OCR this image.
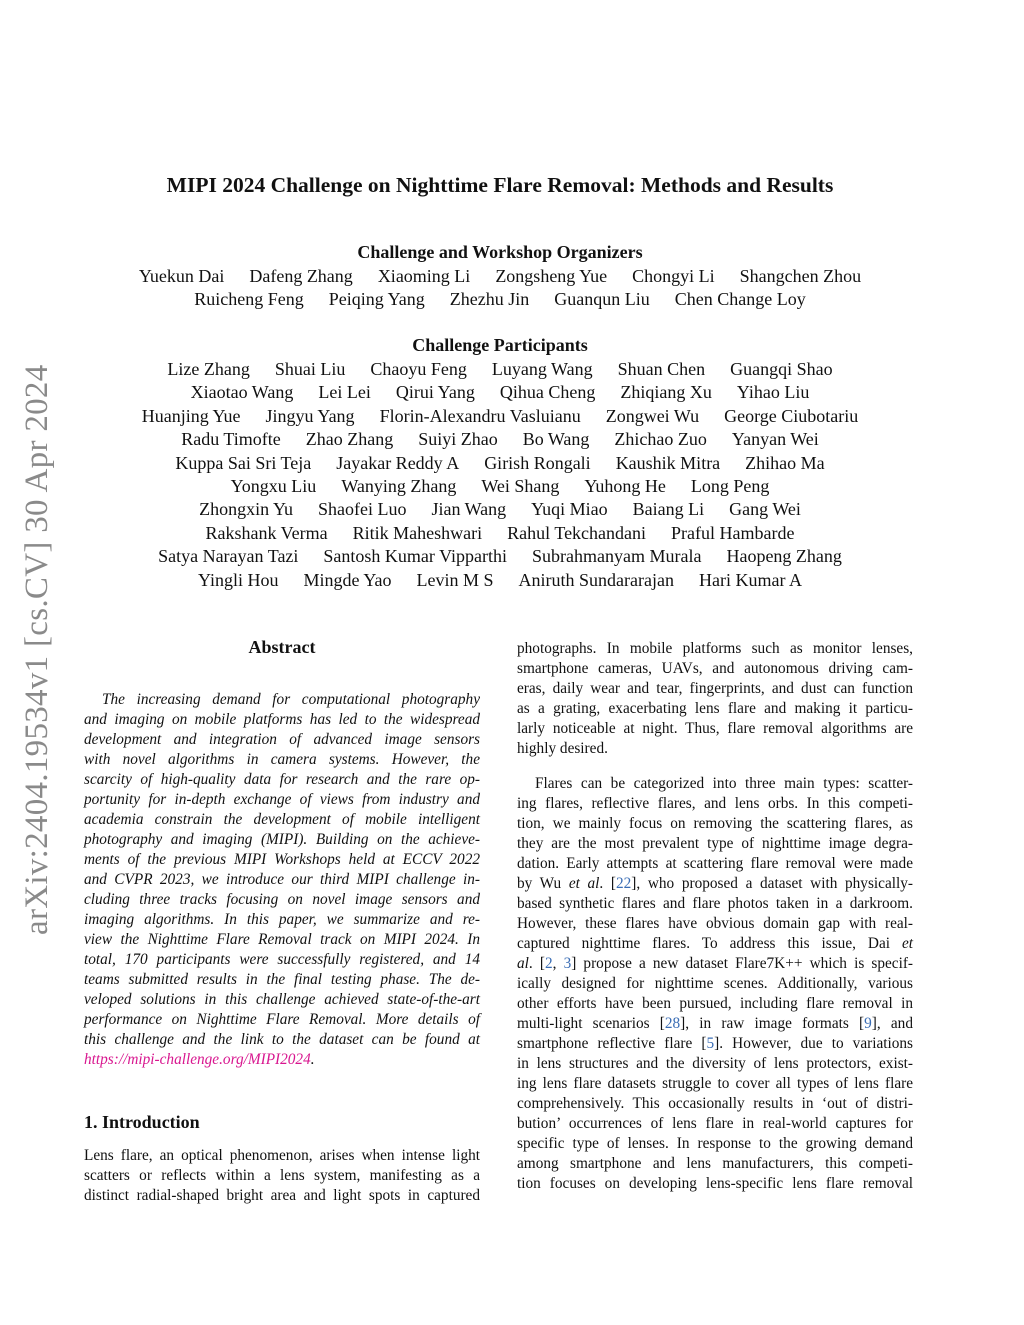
arXiv:2404.19534v1 [cs.CV] 30 Apr 2024
MIPI 2024 Challenge on Nighttime Flare Removal: Methods and Results
Challenge and Workshop Organizers
Yuekun Dai Dafeng Zhang Xiaoming Li Zongsheng Yue Chongyi Li Shangchen Zhou
Ruicheng Feng Peiqing Yang Zhezhu Jin Guanqun Liu Chen Change Loy
Challenge Participants
Lize Zhang Shuai Liu Chaoyu Feng Luyang Wang Shuan Chen Guangqi Shao
Xiaotao Wang Lei Lei Qirui Yang Qihua Cheng Zhiqiang Xu Yihao Liu
Huanjing Yue Jingyu Yang Florin-Alexandru Vasluianu Zongwei Wu George Ciubotariu
Radu Timofte Zhao Zhang Suiyi Zhao Bo Wang Zhichao Zuo Yanyan Wei
Kuppa Sai Sri Teja Jayakar Reddy A Girish Rongali Kaushik Mitra Zhihao Ma
Yongxu Liu Wanying Zhang Wei Shang Yuhong He Long Peng
Zhongxin Yu Shaofei Luo Jian Wang Yuqi Miao Baiang Li Gang Wei
Rakshank Verma Ritik Maheshwari Rahul Tekchandani Praful Hambarde
Satya Narayan Tazi Santosh Kumar Vipparthi Subrahmanyam Murala Haopeng Zhang
Yingli Hou Mingde Yao Levin M S Aniruth Sundararajan Hari Kumar A
Abstract
The increasing demand for computational photography
and imaging on mobile platforms has led to the widespread
development and integration of advanced image sensors
with novel algorithms in camera systems. However, the
scarcity of high-quality data for research and the rare op-
portunity for in-depth exchange of views from industry and
academia constrain the development of mobile intelligent
photography and imaging (MIPI). Building on the achieve-
ments of the previous MIPI Workshops held at ECCV 2022
and CVPR 2023, we introduce our third MIPI challenge in-
cluding three tracks focusing on novel image sensors and
imaging algorithms. In this paper, we summarize and re-
view the Nighttime Flare Removal track on MIPI 2024. In
total, 170 participants were successfully registered, and 14
teams submitted results in the final testing phase. The de-
veloped solutions in this challenge achieved state-of-the-art
performance on Nighttime Flare Removal. More details of
this challenge and the link to the dataset can be found at
https://mipi-challenge.org/MIPI2024.
1. Introduction
Lens flare, an optical phenomenon, arises when intense light
scatters or reflects within a lens system, manifesting as a
distinct radial-shaped bright area and light spots in captured
photographs. In mobile platforms such as monitor lenses,
smartphone cameras, UAVs, and autonomous driving cam-
eras, daily wear and tear, fingerprints, and dust can function
as a grating, exacerbating lens flare and making it particu-
larly noticeable at night. Thus, flare removal algorithms are
highly desired.
Flares can be categorized into three main types: scatter-
ing flares, reflective flares, and lens orbs. In this competi-
tion, we mainly focus on removing the scattering flares, as
they are the most prevalent type of nighttime image degra-
dation. Early attempts at scattering flare removal were made
by Wu et al. [22], who proposed a dataset with physically-
based synthetic flares and flare photos taken in a darkroom.
However, these flares have obvious domain gap with real-
captured nighttime flares. To address this issue, Dai et
al. [2, 3] propose a new dataset Flare7K++ which is specif-
ically designed for nighttime scenes. Additionally, various
other efforts have been pursued, including flare removal in
multi-light scenarios [28], in raw image formats [9], and
smartphone reflective flare [5]. However, due to variations
in lens structures and the diversity of lens protectors, exist-
ing lens flare datasets struggle to cover all types of lens flare
comprehensively. This occasionally results in ‘out of distri-
bution’ occurrences of lens flare in real-world captures for
specific type of lenses. In response to the growing demand
among smartphone and lens manufacturers, this competi-
tion focuses on developing lens-specific lens flare removal
